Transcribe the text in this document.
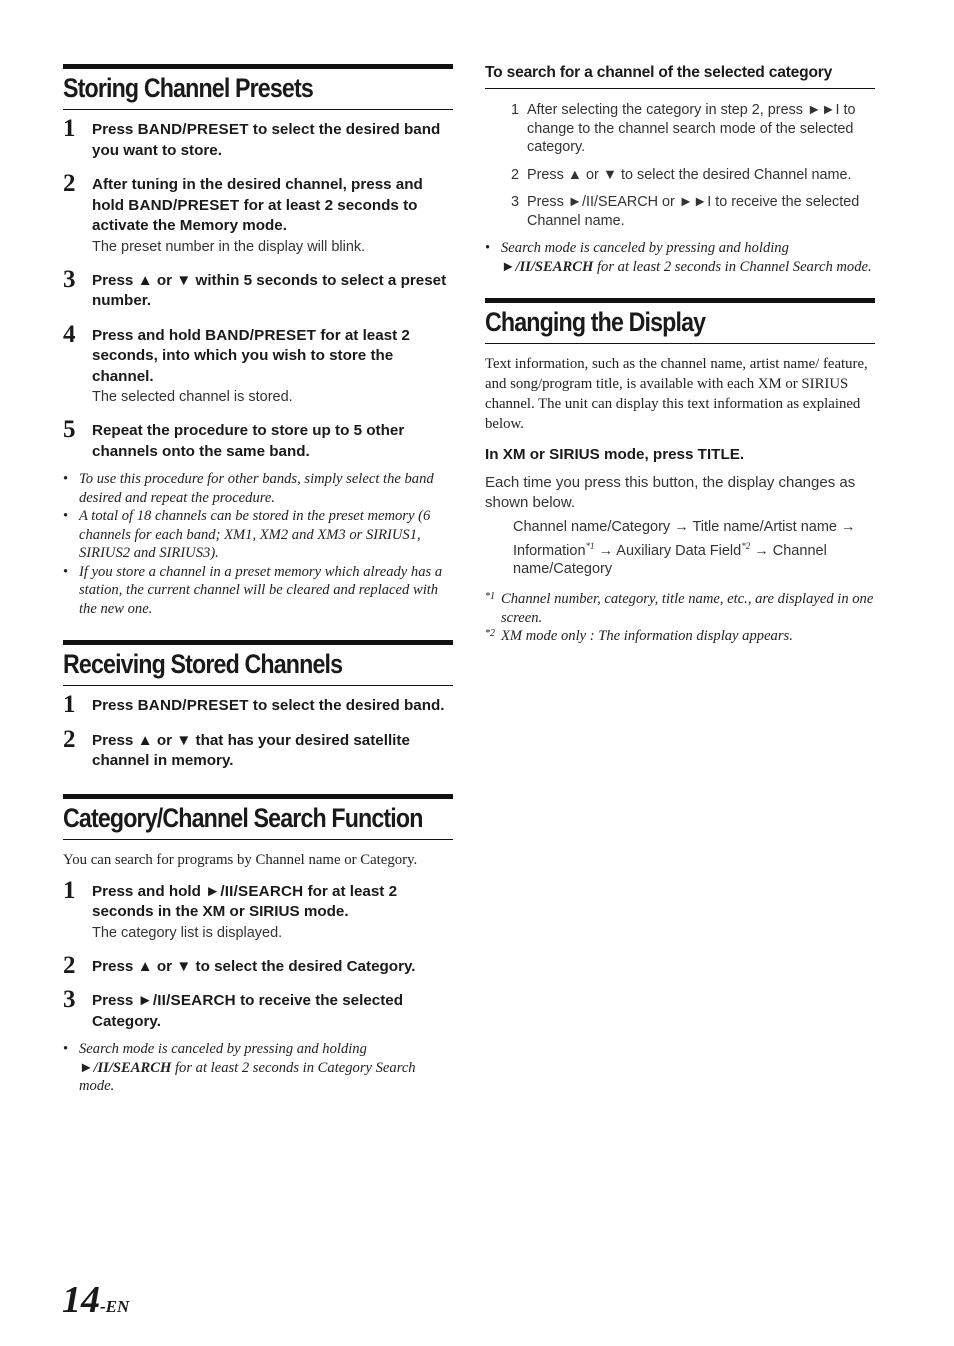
Storing Channel Presets
1 Press BAND/PRESET to select the desired band you want to store.
2 After tuning in the desired channel, press and hold BAND/PRESET for at least 2 seconds to activate the Memory mode.
The preset number in the display will blink.
3 Press ▲ or ▼ within 5 seconds to select a preset number.
4 Press and hold BAND/PRESET for at least 2 seconds, into which you wish to store the channel.
The selected channel is stored.
5 Repeat the procedure to store up to 5 other channels onto the same band.
• To use this procedure for other bands, simply select the band desired and repeat the procedure.
• A total of 18 channels can be stored in the preset memory (6 channels for each band; XM1, XM2 and XM3 or SIRIUS1, SIRIUS2 and SIRIUS3).
• If you store a channel in a preset memory which already has a station, the current channel will be cleared and replaced with the new one.
Receiving Stored Channels
1 Press BAND/PRESET to select the desired band.
2 Press ▲ or ▼ that has your desired satellite channel in memory.
Category/Channel Search Function

You can search for programs by Channel name or Category.

1 Press and hold ►/II/SEARCH for at least 2 seconds in the XM or SIRIUS mode.
The category list is displayed.
2 Press ▲ or ▼ to select the desired Category.
3 Press ►/II/SEARCH to receive the selected Category.
• Search mode is canceled by pressing and holding ►/II/SEARCH for at least 2 seconds in Category Search mode.
To search for a channel of the selected category
1 After selecting the category in step 2, press ►►I to change to the channel search mode of the selected category.
2 Press ▲ or ▼ to select the desired Channel name.
3 Press ►/II/SEARCH or ►►I to receive the selected Channel name.
• Search mode is canceled by pressing and holding ►/II/SEARCH for at least 2 seconds in Channel Search mode.
Changing the Display

Text information, such as the channel name, artist name/ feature, and song/program title, is available with each XM or SIRIUS channel. The unit can display this text information as explained below.

In XM or SIRIUS mode, press TITLE.

Each time you press this button, the display changes as shown below.

Channel name/Category → Title name/Artist name → Information$^{*1}$ → Auxiliary Data Field$^{*2}$ → Channel name/Category
*1 Channel number, category, title name, etc., are displayed in one screen.
*2 XM mode only : The information display appears.
14-EN
